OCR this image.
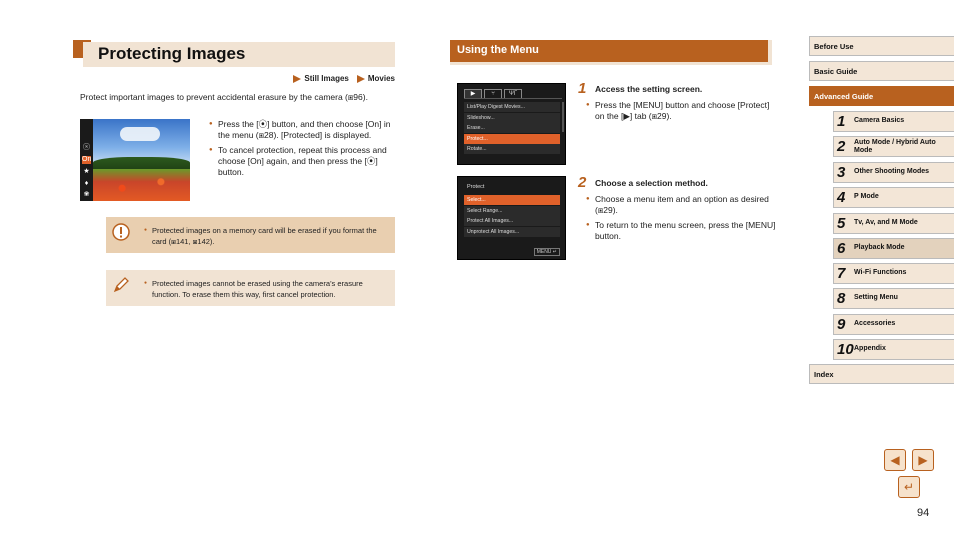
Protecting Images
Still Images	Movies

Protect important images to prevent accidental erasure by the camera (⧆96).

ⓢ
On
★
♦
❀
● Press the [⦿] button, and then choose [On] in the menu (⧆28). [Protected] is displayed.
● To cancel protection, repeat this process and choose [On] again, and then press the [⦿] button.
● Protected images on a memory card will be erased if you format the card (⧆141, ⧆142).
● Protected images cannot be erased using the camera’s erasure function. To erase them this way, first cancel protection.
Using the Menu
▶	⑂	ΨΓ
List/Play Digest Movies...
Slideshow...
Erase...
Protect...
Rotate...
Protect
Select...
Select Range...
Protect All Images...
Unprotect All Images...
MENU ↵
1 Access the setting screen.
● Press the [MENU] button and choose [Protect] on the [▶] tab (⧆29).
2 Choose a selection method.
● Choose a menu item and an option as desired (⧆29).
● To return to the menu screen, press the [MENU] button.
Before Use
Basic Guide
Advanced Guide
1 Camera Basics
2 Auto Mode / Hybrid Auto Mode
3 Other Shooting Modes
4 P Mode
5 Tv, Av, and M Mode
6 Playback Mode
7 Wi-Fi Functions
8 Setting Menu
9 Accessories
10 Appendix
Index
◀	▶
↵
94
